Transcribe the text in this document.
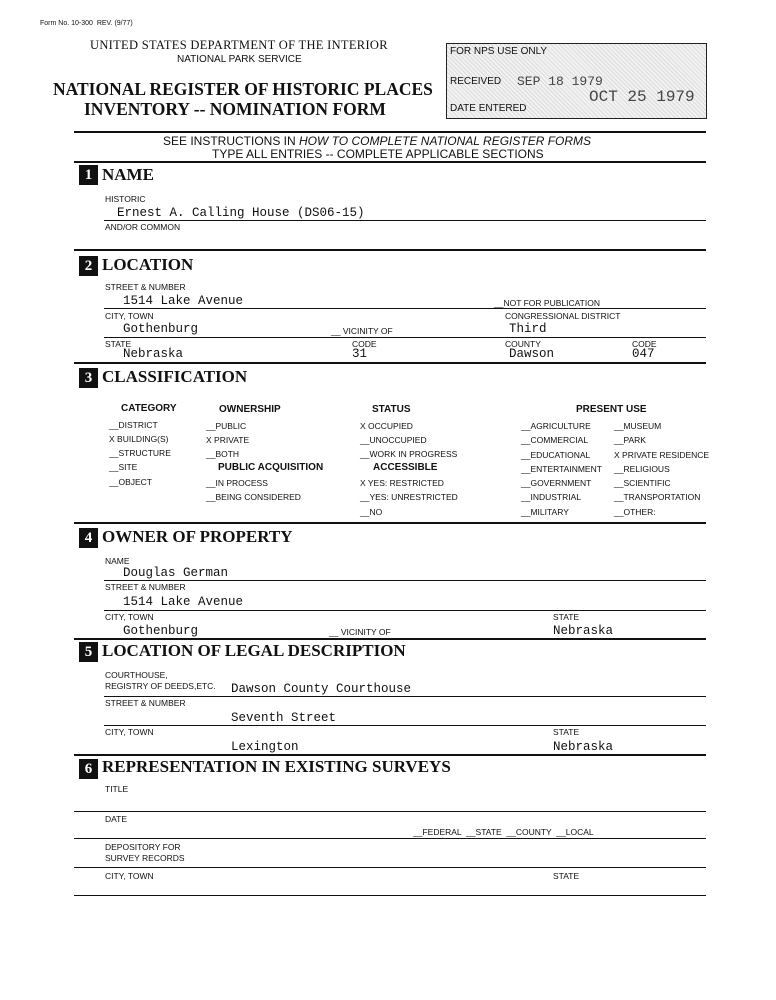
Form No. 10-300 REV. (9/77)
UNITED STATES DEPARTMENT OF THE INTERIOR
NATIONAL PARK SERVICE
NATIONAL REGISTER OF HISTORIC PLACES
INVENTORY -- NOMINATION FORM
FOR NPS USE ONLY
RECEIVED SEP 18 1979
DATE ENTERED
OCT 25 1979
SEE INSTRUCTIONS IN HOW TO COMPLETE NATIONAL REGISTER FORMS
TYPE ALL ENTRIES -- COMPLETE APPLICABLE SECTIONS
1 NAME
HISTORIC
Ernest A. Calling House (DS06-15)
AND/OR COMMON
2 LOCATION
STREET & NUMBER
1514 Lake Avenue	__NOT FOR PUBLICATION
CITY, TOWN	CONGRESSIONAL DISTRICT
Gothenburg	__ VICINITY OF	Third
STATE	CODE	COUNTY	CODE
Nebraska	31	Dawson	047
3 CLASSIFICATION
CATEGORY
__DISTRICT
X BUILDING(S)
__STRUCTURE
__SITE
__OBJECT
OWNERSHIP
__PUBLIC
X PRIVATE
__BOTH
PUBLIC ACQUISITION
__IN PROCESS
__BEING CONSIDERED
STATUS
X OCCUPIED
__UNOCCUPIED
__WORK IN PROGRESS
ACCESSIBLE
X YES: RESTRICTED
__YES: UNRESTRICTED
__NO
PRESENT USE
__AGRICULTURE
__COMMERCIAL
__EDUCATIONAL
__ENTERTAINMENT
__GOVERNMENT
__INDUSTRIAL
__MILITARY
__MUSEUM
__PARK
X PRIVATE RESIDENCE
__RELIGIOUS
__SCIENTIFIC
__TRANSPORTATION
__OTHER:
4 OWNER OF PROPERTY
NAME
Douglas German
STREET & NUMBER
1514 Lake Avenue
CITY, TOWN	STATE
Gothenburg	__ VICINITY OF	Nebraska
5 LOCATION OF LEGAL DESCRIPTION
COURTHOUSE,
REGISTRY OF DEEDS,ETC. Dawson County Courthouse
STREET & NUMBER
Seventh Street
CITY, TOWN	STATE
Lexington	Nebraska
6 REPRESENTATION IN EXISTING SURVEYS
TITLE
DATE
__FEDERAL  __STATE  __COUNTY  __LOCAL
DEPOSITORY FOR
SURVEY RECORDS
CITY, TOWN	STATE
